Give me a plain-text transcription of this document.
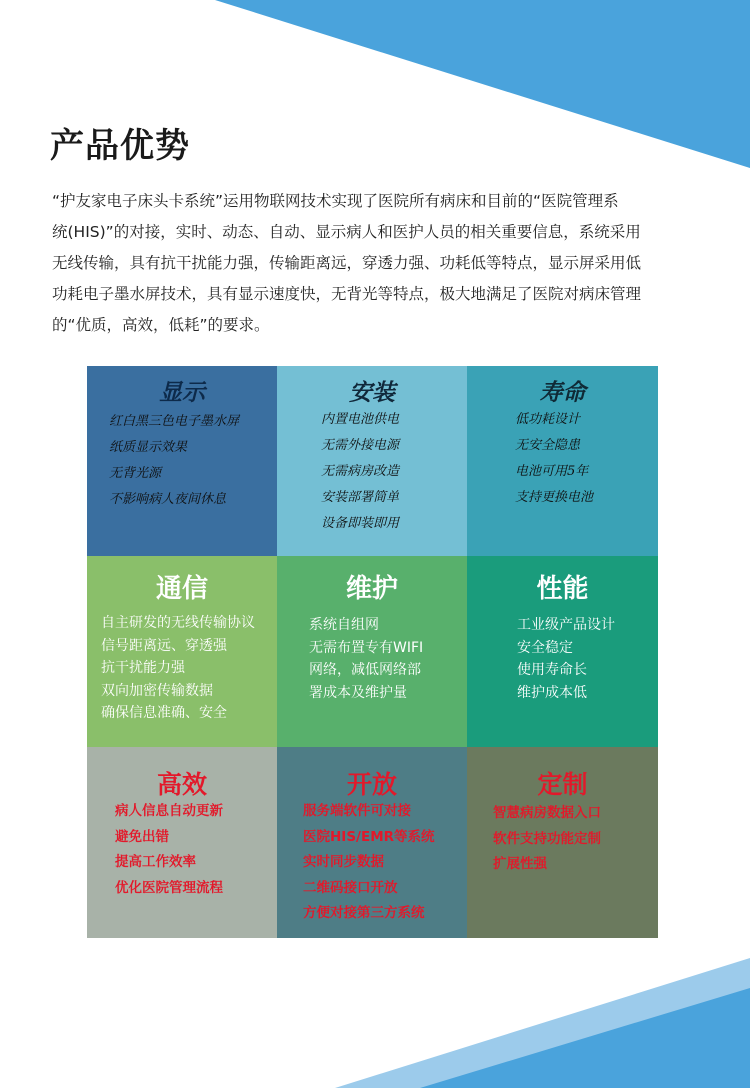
产品优势
“护友家电子床头卡系统”运用物联网技术实现了医院所有病床和目前的“医院管理系
统(HIS)”的对接，实时、动态、自动、显示病人和医护人员的相关重要信息，系统采用
无线传输，具有抗干扰能力强，传输距离远，穿透力强、功耗低等特点，显示屏采用低
功耗电子墨水屏技术，具有显示速度快，无背光等特点，极大地满足了医院对病床管理
的“优质，高效，低耗”的要求。
显示
红白黑三色电子墨水屏
纸质显示效果
无背光源
不影响病人夜间休息
安装
内置电池供电
无需外接电源
无需病房改造
安装部署简单
设备即装即用
寿命
低功耗设计
无安全隐患
电池可用5年
支持更换电池
通信
自主研发的无线传输协议
信号距离远、穿透强
抗干扰能力强
双向加密传输数据
确保信息准确、安全
维护
系统自组网
无需布置专有WIFI
网络，减低网络部
署成本及维护量
性能
工业级产品设计
安全稳定
使用寿命长
维护成本低
高效
病人信息自动更新
避免出错
提高工作效率
优化医院管理流程
开放
服务端软件可对接
医院HIS/EMR等系统
实时同步数据
二维码接口开放
方便对接第三方系统
定制
智慧病房数据入口
软件支持功能定制
扩展性强
